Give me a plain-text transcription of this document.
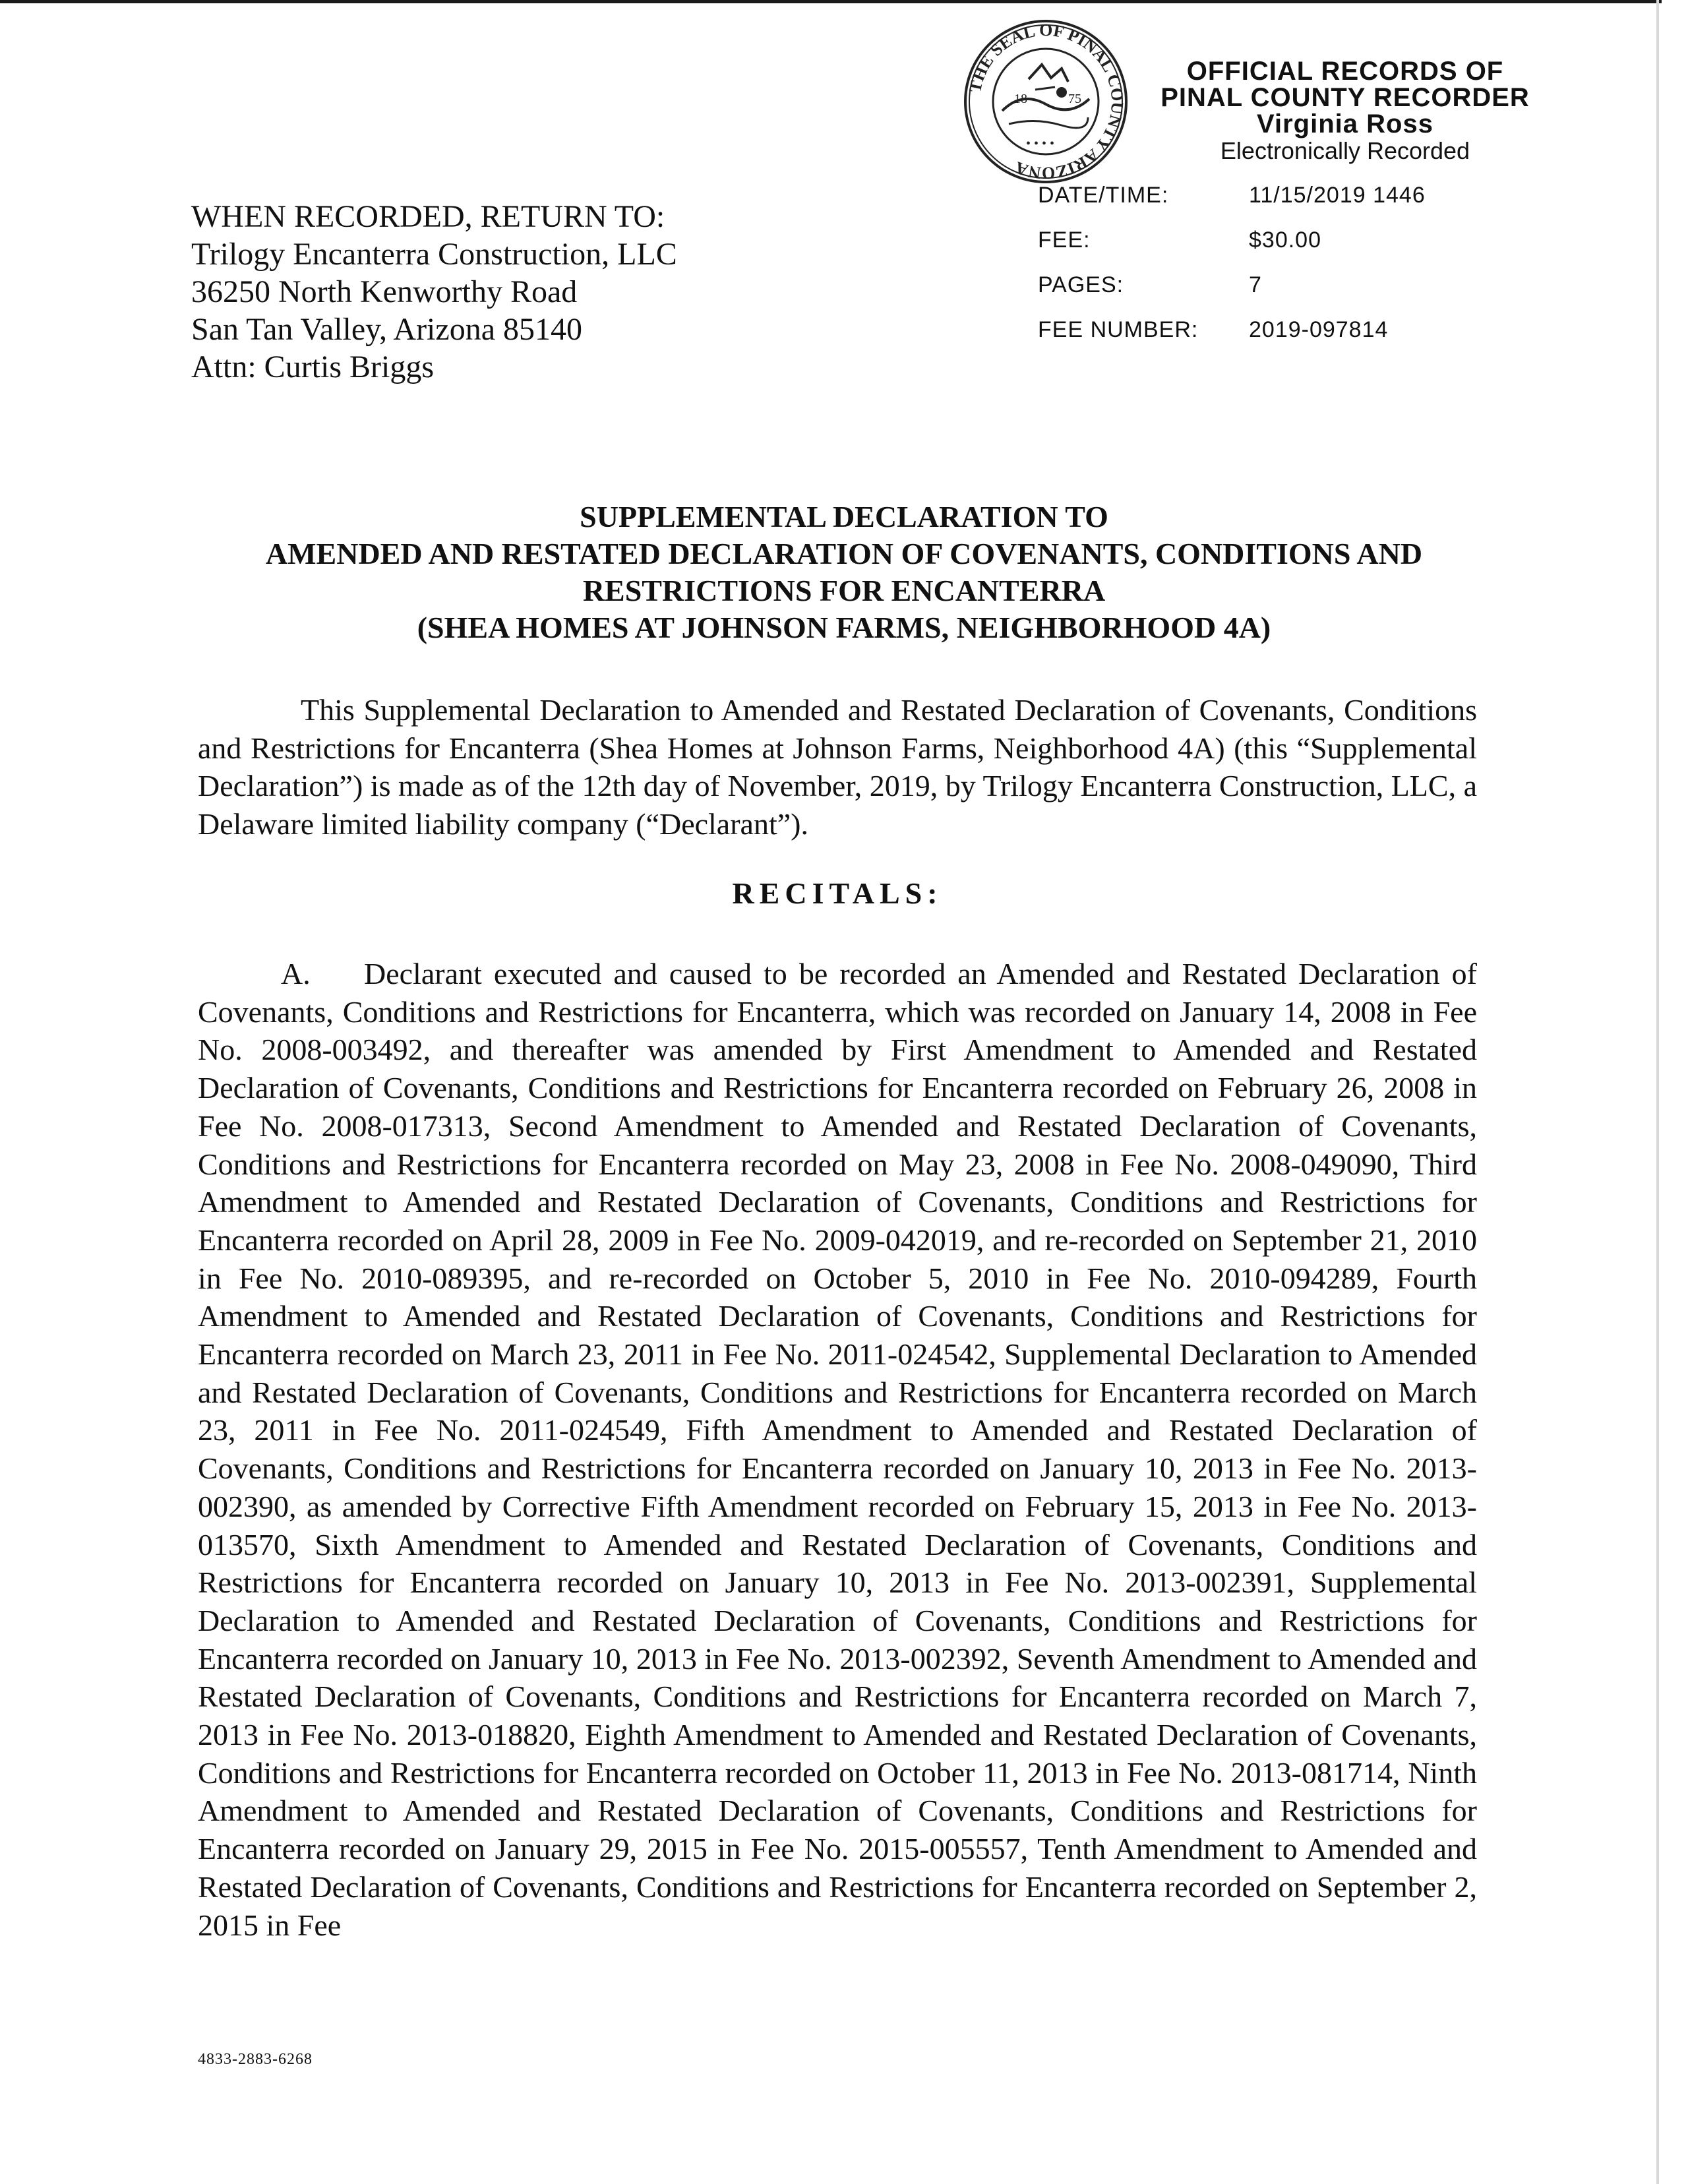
THE SEAL OF PINAL COUNTY ARIZONA
18	75
• • • •
OFFICIAL RECORDS OF
PINAL COUNTY RECORDER
Virginia Ross
Electronically Recorded
DATE/TIME:	11/15/2019 1446
FEE:	$30.00
PAGES:	7
FEE NUMBER:	2019-097814
WHEN RECORDED, RETURN TO:
Trilogy Encanterra Construction, LLC
36250 North Kenworthy Road
San Tan Valley, Arizona 85140
Attn: Curtis Briggs
SUPPLEMENTAL DECLARATION TO
AMENDED AND RESTATED DECLARATION OF COVENANTS, CONDITIONS AND
RESTRICTIONS FOR ENCANTERRA
(SHEA HOMES AT JOHNSON FARMS, NEIGHBORHOOD 4A)

This Supplemental Declaration to Amended and Restated Declaration of Covenants, Conditions and Restrictions for Encanterra (Shea Homes at Johnson Farms, Neighborhood 4A) (this “Supplemental Declaration”) is made as of the 12th day of November, 2019, by Trilogy Encanterra Construction, LLC, a Delaware limited liability company (“Declarant”).

RECITALS:

A. Declarant executed and caused to be recorded an Amended and Restated Declaration of Covenants, Conditions and Restrictions for Encanterra, which was recorded on January 14, 2008 in Fee No. 2008-003492, and thereafter was amended by First Amendment to Amended and Restated Declaration of Covenants, Conditions and Restrictions for Encanterra recorded on February 26, 2008 in Fee No. 2008-017313, Second Amendment to Amended and Restated Declaration of Covenants, Conditions and Restrictions for Encanterra recorded on May 23, 2008 in Fee No. 2008-049090, Third Amendment to Amended and Restated Declaration of Covenants, Conditions and Restrictions for Encanterra recorded on April 28, 2009 in Fee No. 2009-042019, and re-recorded on September 21, 2010 in Fee No. 2010-089395, and re-recorded on October 5, 2010 in Fee No. 2010-094289, Fourth Amendment to Amended and Restated Declaration of Covenants, Conditions and Restrictions for Encanterra recorded on March 23, 2011 in Fee No. 2011-024542, Supplemental Declaration to Amended and Restated Declaration of Covenants, Conditions and Restrictions for Encanterra recorded on March 23, 2011 in Fee No. 2011-024549, Fifth Amendment to Amended and Restated Declaration of Covenants, Conditions and Restrictions for Encanterra recorded on January 10, 2013 in Fee No. 2013-002390, as amended by Corrective Fifth Amendment recorded on February 15, 2013 in Fee No. 2013-013570, Sixth Amendment to Amended and Restated Declaration of Covenants, Conditions and Restrictions for Encanterra recorded on January 10, 2013 in Fee No. 2013-002391, Supplemental Declaration to Amended and Restated Declaration of Covenants, Conditions and Restrictions for Encanterra recorded on January 10, 2013 in Fee No. 2013-002392, Seventh Amendment to Amended and Restated Declaration of Covenants, Conditions and Restrictions for Encanterra recorded on March 7, 2013 in Fee No. 2013-018820, Eighth Amendment to Amended and Restated Declaration of Covenants, Conditions and Restrictions for Encanterra recorded on October 11, 2013 in Fee No. 2013-081714, Ninth Amendment to Amended and Restated Declaration of Covenants, Conditions and Restrictions for Encanterra recorded on January 29, 2015 in Fee No. 2015-005557, Tenth Amendment to Amended and Restated Declaration of Covenants, Conditions and Restrictions for Encanterra recorded on September 2, 2015 in Fee

4833-2883-6268
